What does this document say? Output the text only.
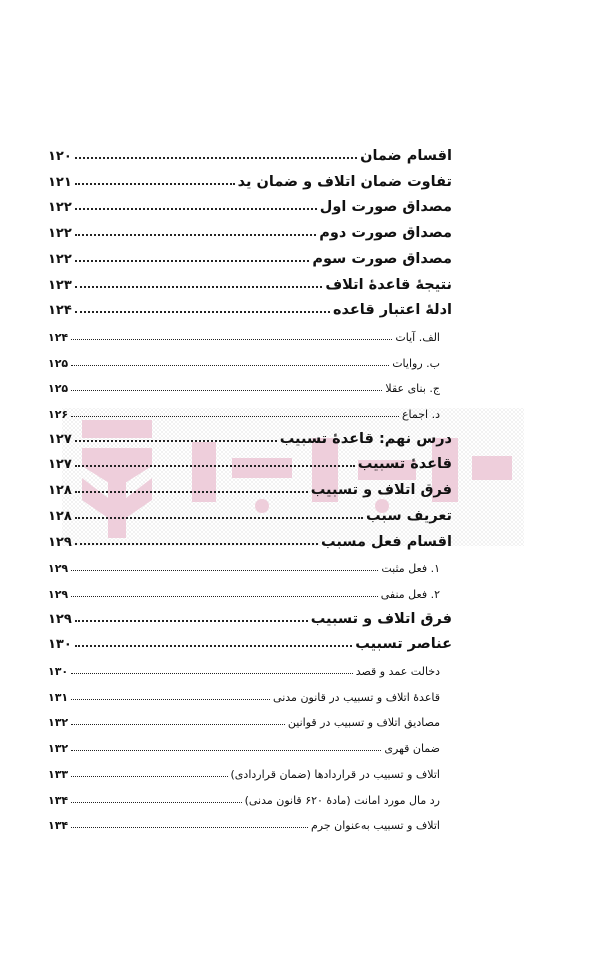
اقسام ضمان
۱۲۰
تفاوت ضمان اتلاف و ضمان ید
۱۲۱
مصداق صورت اول
۱۲۲
مصداق صورت دوم
۱۲۲
مصداق صورت سوم
۱۲۲
نتیجهٔ قاعدهٔ اتلاف
۱۲۳
ادلهٔ اعتبار قاعده
۱۲۴
الف. آیات
۱۲۴
ب. روایات
۱۲۵
ج. بنای عقلا
۱۲۵
د. اجماع
۱۲۶
درس نهم: قاعدهٔ تسبیب
۱۲۷
قاعدهٔ تسبیب
۱۲۷
فرق اتلاف و تسبیب
۱۲۸
تعریف سبب
۱۲۸
اقسام فعل مسبب
۱۲۹
۱. فعل مثبت
۱۲۹
۲. فعل منفی
۱۲۹
فرق اتلاف و تسبیب
۱۲۹
عناصر تسبیب
۱۳۰
دخالت عمد و قصد
۱۳۰
قاعدهٔ اتلاف و تسبیب در قانون مدنی
۱۳۱
مصادیق اتلاف و تسبیب در قوانین
۱۳۲
ضمان قهری
۱۳۲
اتلاف و تسبیب در قراردادها (ضمان قراردادی)
۱۳۳
رد مال مورد امانت (مادهٔ ۶۲۰ قانون مدنی)
۱۳۴
اتلاف و تسبیب به‌عنوان جرم
۱۳۴
